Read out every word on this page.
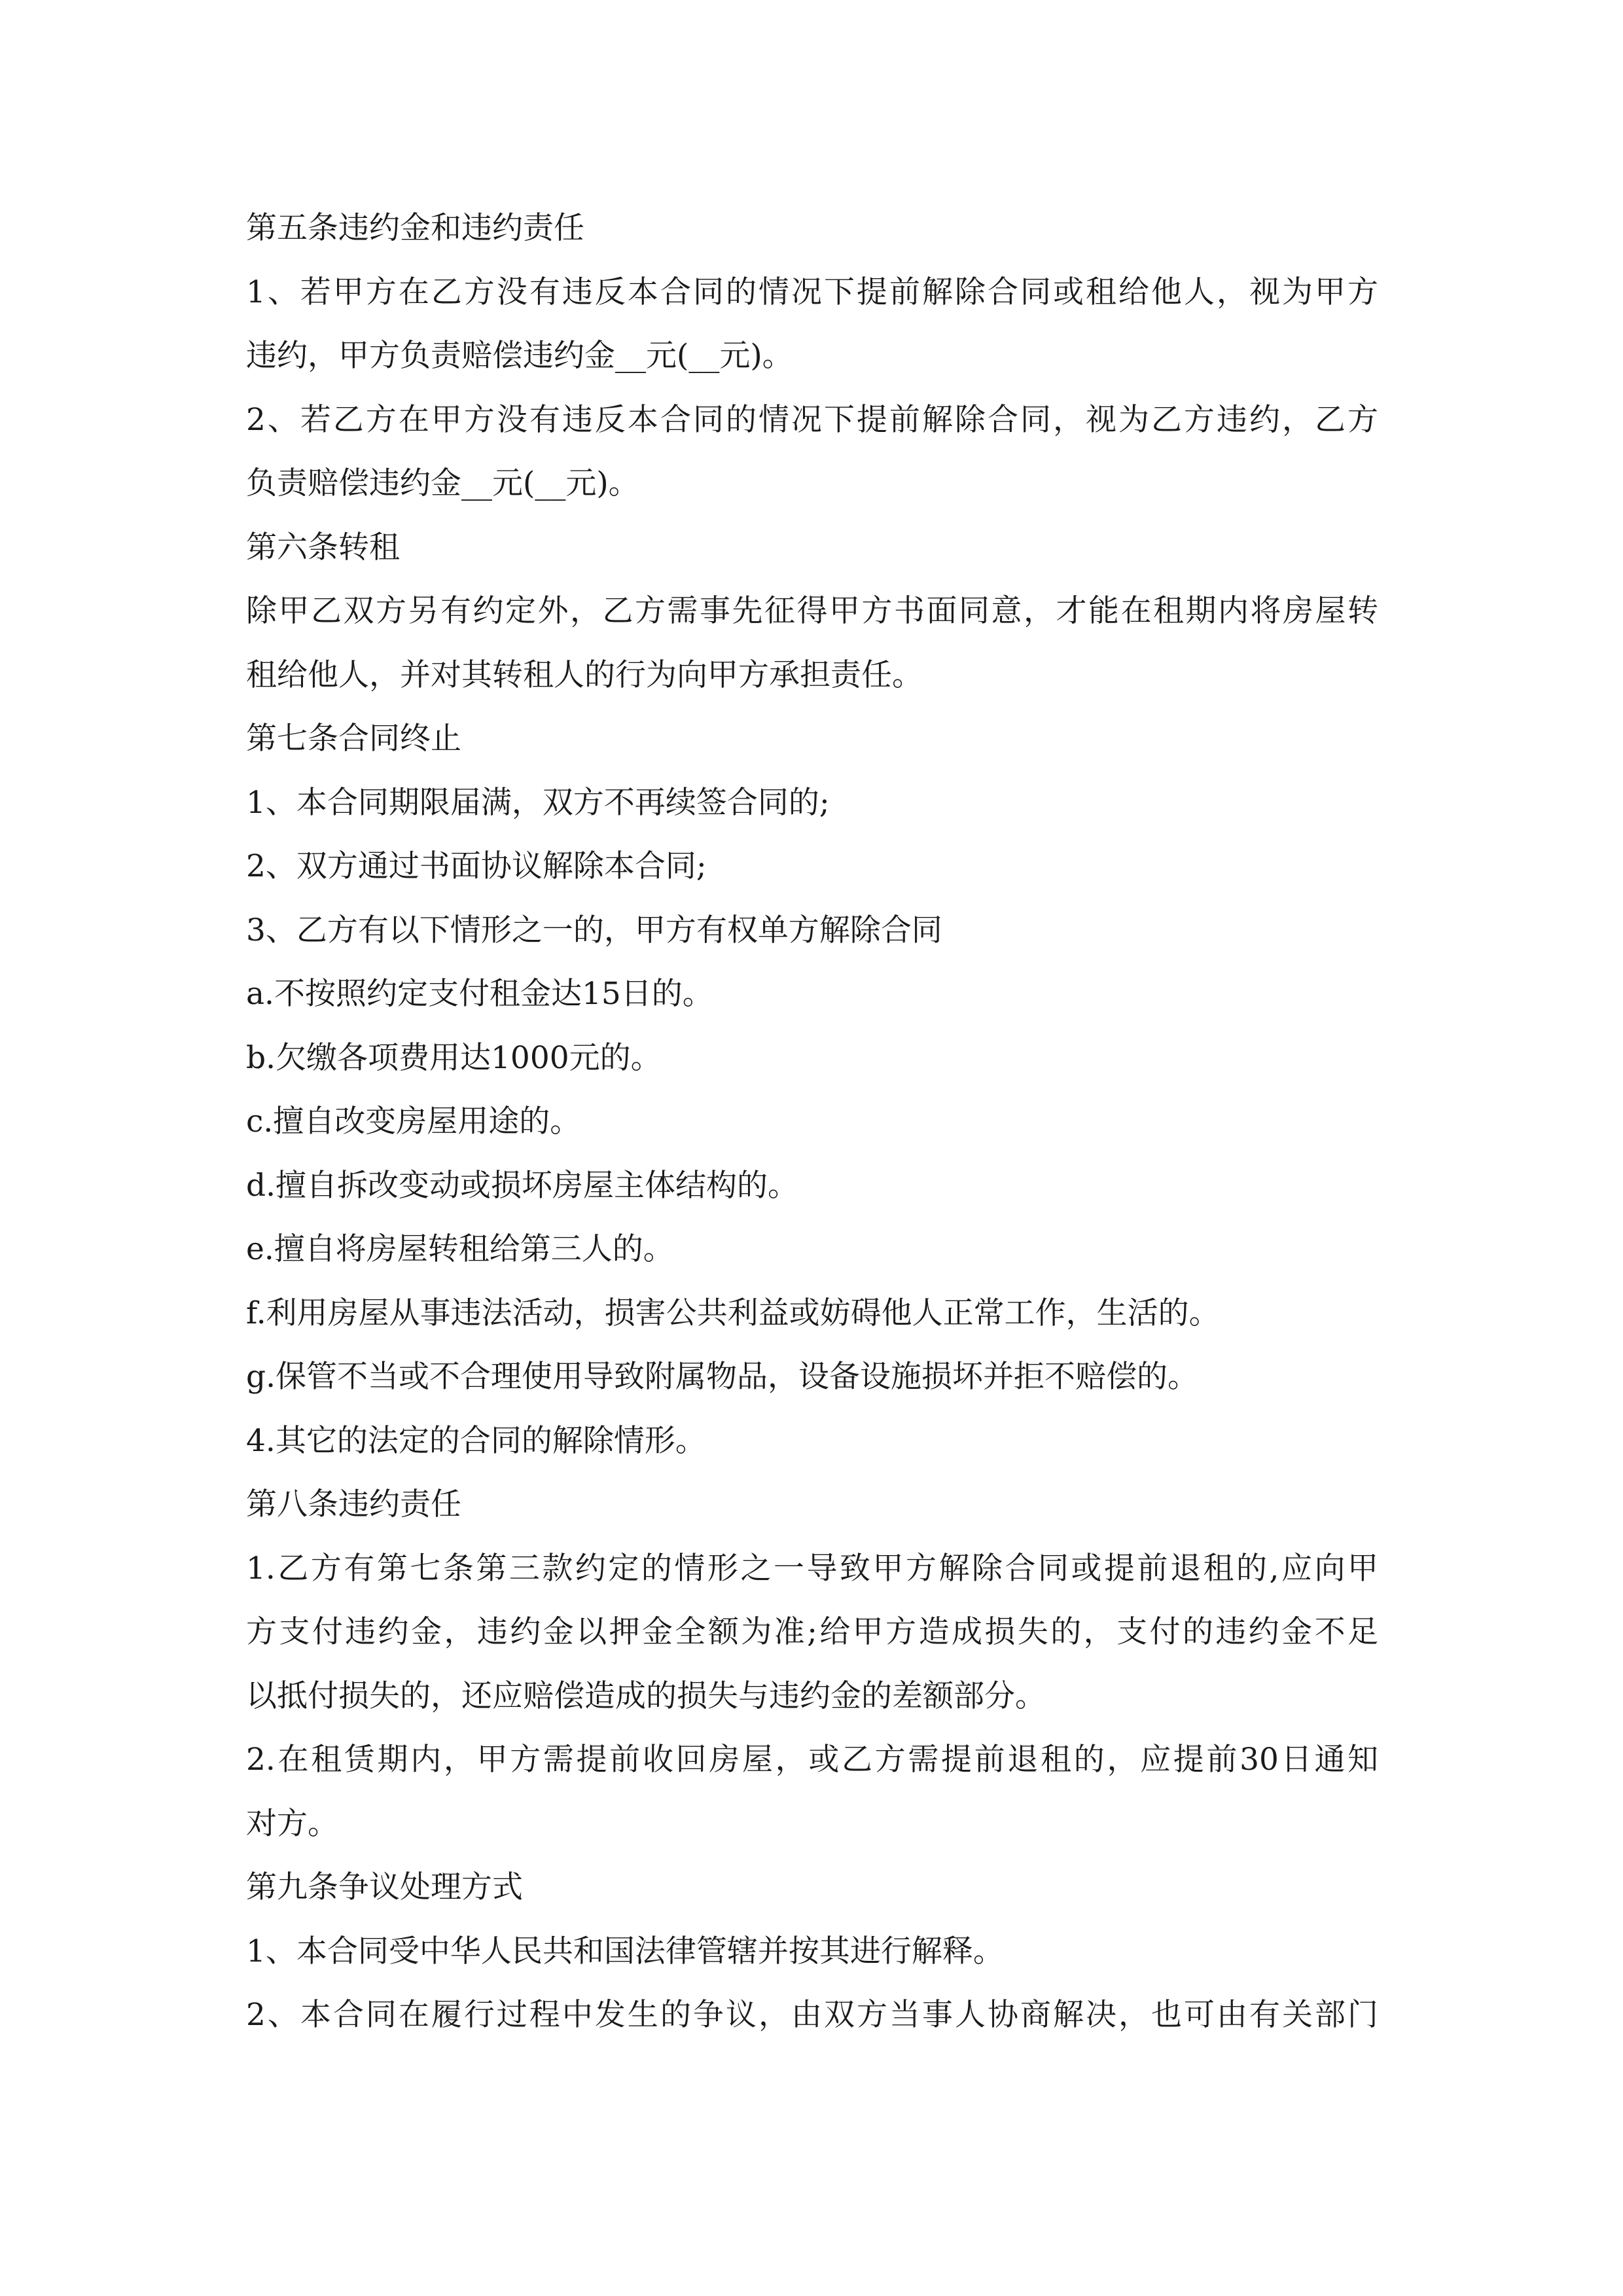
第五条违约金和违约责任

1、若甲方在乙方没有违反本合同的情况下提前解除合同或租给他人，视为甲方

违约，甲方负责赔偿违约金__元(__元)。

2、若乙方在甲方没有违反本合同的情况下提前解除合同，视为乙方违约，乙方

负责赔偿违约金__元(__元)。

第六条转租

除甲乙双方另有约定外，乙方需事先征得甲方书面同意，才能在租期内将房屋转

租给他人，并对其转租人的行为向甲方承担责任。

第七条合同终止

1、本合同期限届满，双方不再续签合同的;

2、双方通过书面协议解除本合同;

3、乙方有以下情形之一的，甲方有权单方解除合同

a.不按照约定支付租金达15日的。

b.欠缴各项费用达1000元的。

c.擅自改变房屋用途的。

d.擅自拆改变动或损坏房屋主体结构的。

e.擅自将房屋转租给第三人的。

f.利用房屋从事违法活动，损害公共利益或妨碍他人正常工作，生活的。

g.保管不当或不合理使用导致附属物品，设备设施损坏并拒不赔偿的。

4.其它的法定的合同的解除情形。

第八条违约责任

1.乙方有第七条第三款约定的情形之一导致甲方解除合同或提前退租的,应向甲

方支付违约金，违约金以押金全额为准;给甲方造成损失的，支付的违约金不足

以抵付损失的，还应赔偿造成的损失与违约金的差额部分。

2.在租赁期内，甲方需提前收回房屋，或乙方需提前退租的，应提前30日通知

对方。

第九条争议处理方式

1、本合同受中华人民共和国法律管辖并按其进行解释。

2、本合同在履行过程中发生的争议，由双方当事人协商解决，也可由有关部门
